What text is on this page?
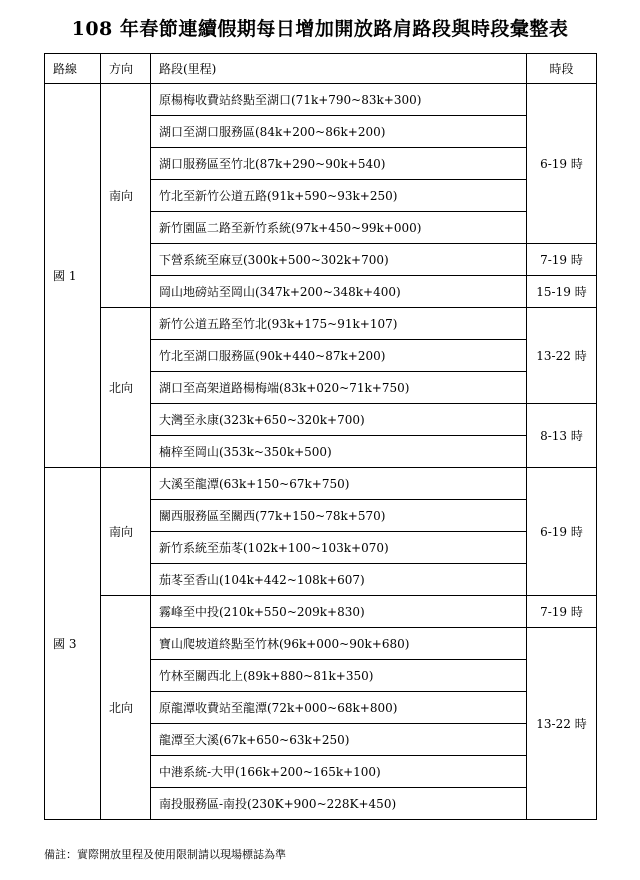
108 年春節連續假期每日增加開放路肩路段與時段彙整表
路線	方向	路段(里程)	時段
國 1	南向	原楊梅收費站終點至湖口(71k+790~83k+300)	6-19 時
		湖口至湖口服務區(84k+200~86k+200)	
		湖口服務區至竹北(87k+290~90k+540)	
		竹北至新竹公道五路(91k+590~93k+250)	
		新竹園區二路至新竹系統(97k+450~99k+000)	
		下營系統至麻豆(300k+500~302k+700)	7-19 時
		岡山地磅站至岡山(347k+200~348k+400)	15-19 時
	北向	新竹公道五路至竹北(93k+175~91k+107)	13-22 時
		竹北至湖口服務區(90k+440~87k+200)	
		湖口至高架道路楊梅端(83k+020~71k+750)	
		大灣至永康(323k+650~320k+700)	8-13 時
		楠梓至岡山(353k~350k+500)	
國 3	南向	大溪至龍潭(63k+150~67k+750)	6-19 時
		關西服務區至關西(77k+150~78k+570)	
		新竹系統至茄苳(102k+100~103k+070)	
		茄苳至香山(104k+442~108k+607)	
	北向	霧峰至中投(210k+550~209k+830)	7-19 時
		寶山爬坡道終點至竹林(96k+000~90k+680)	13-22 時
		竹林至關西北上(89k+880~81k+350)	
		原龍潭收費站至龍潭(72k+000~68k+800)	
		龍潭至大溪(67k+650~63k+250)	
		中港系統-大甲(166k+200~165k+100)	
		南投服務區-南投(230K+900~228K+450)	
備註：實際開放里程及使用限制請以現場標誌為準
